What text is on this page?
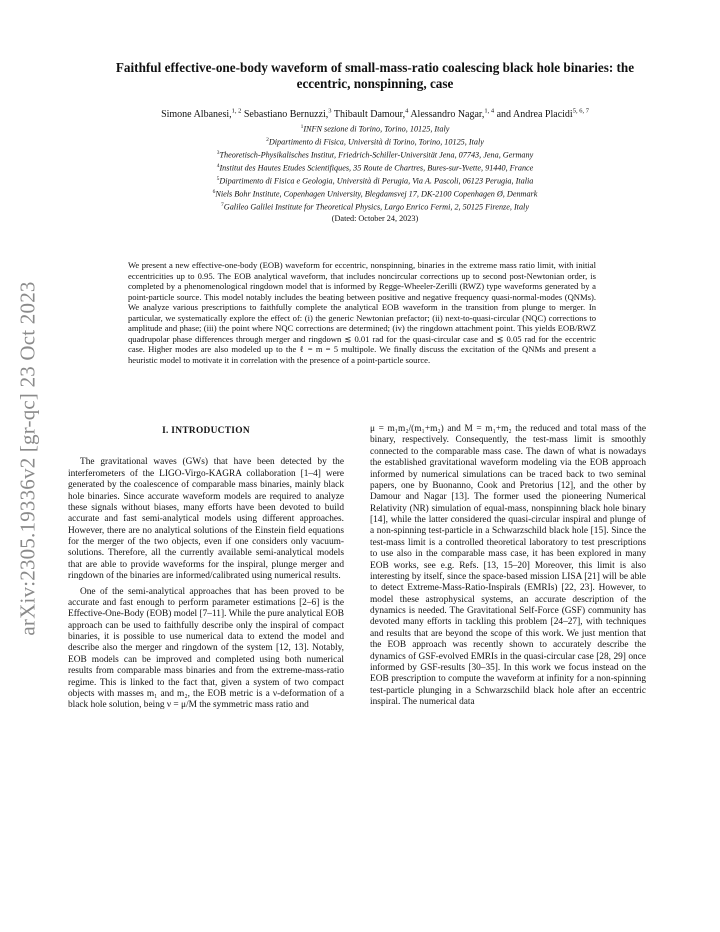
arXiv:2305.19336v2 [gr-qc] 23 Oct 2023
Faithful effective-one-body waveform of small-mass-ratio coalescing black hole binaries: the eccentric, nonspinning, case
Simone Albanesi,$^{1, 2}$ Sebastiano Bernuzzi,$^3$ Thibault Damour,$^4$ Alessandro Nagar,$^{1, 4}$ and Andrea Placidi$^{5, 6, 7}$
$^1$INFN sezione di Torino, Torino, 10125, Italy
$^2$Dipartimento di Fisica, Università di Torino, Torino, 10125, Italy
$^3$Theoretisch-Physikalisches Institut, Friedrich-Schiller-Universität Jena, 07743, Jena, Germany
$^4$Institut des Hautes Etudes Scientifiques, 35 Route de Chartres, Bures-sur-Yvette, 91440, France
$^5$Dipartimento di Fisica e Geologia, Università di Perugia, Via A. Pascoli, 06123 Perugia, Italia
$^6$Niels Bohr Institute, Copenhagen University, Blegdamsvej 17, DK-2100 Copenhagen Ø, Denmark
$^7$Galileo Galilei Institute for Theoretical Physics, Largo Enrico Fermi, 2, 50125 Firenze, Italy
(Dated: October 24, 2023)
We present a new effective-one-body (EOB) waveform for eccentric, nonspinning, binaries in the extreme mass ratio limit, with initial eccentricities up to 0.95. The EOB analytical waveform, that includes noncircular corrections up to second post-Newtonian order, is completed by a phenomenological ringdown model that is informed by Regge-Wheeler-Zerilli (RWZ) type waveforms generated by a point-particle source. This model notably includes the beating between positive and negative frequency quasi-normal-modes (QNMs). We analyze various prescriptions to faithfully complete the analytical EOB waveform in the transition from plunge to merger. In particular, we systematically explore the effect of: (i) the generic Newtonian prefactor; (ii) next-to-quasi-circular (NQC) corrections to amplitude and phase; (iii) the point where NQC corrections are determined; (iv) the ringdown attachment point. This yields EOB/RWZ quadrupolar phase differences through merger and ringdown ≲ 0.01 rad for the quasi-circular case and ≲ 0.05 rad for the eccentric case. Higher modes are also modeled up to the ℓ = m = 5 multipole. We finally discuss the excitation of the QNMs and present a heuristic model to motivate it in correlation with the presence of a point-particle source.
I. INTRODUCTION

The gravitational waves (GWs) that have been detected by the interferometers of the LIGO-Virgo-KAGRA collaboration [1–4] were generated by the coalescence of comparable mass binaries, mainly black hole binaries. Since accurate waveform models are required to analyze these signals without biases, many efforts have been devoted to build accurate and fast semi-analytical models using different approaches. However, there are no analytical solutions of the Einstein field equations for the merger of the two objects, even if one considers only vacuum-solutions. Therefore, all the currently available semi-analytical models that are able to provide waveforms for the inspiral, plunge merger and ringdown of the binaries are informed/calibrated using numerical results.

One of the semi-analytical approaches that has been proved to be accurate and fast enough to perform parameter estimations [2–6] is the Effective-One-Body (EOB) model [7–11]. While the pure analytical EOB approach can be used to faithfully describe only the inspiral of compact binaries, it is possible to use numerical data to extend the model and describe also the merger and ringdown of the system [12, 13]. Notably, EOB models can be improved and completed using both numerical results from comparable mass binaries and from the extreme-mass-ratio regime. This is linked to the fact that, given a system of two compact objects with masses m₁ and m₂, the EOB metric is a ν-deformation of a black hole solution, being ν = μ/M the symmetric mass ratio and

μ = m₁m₂/(m₁+m₂) and M = m₁+m₂ the reduced and total mass of the binary, respectively. Consequently, the test-mass limit is smoothly connected to the comparable mass case. The dawn of what is nowadays the established gravitational waveform modeling via the EOB approach informed by numerical simulations can be traced back to two seminal papers, one by Buonanno, Cook and Pretorius [12], and the other by Damour and Nagar [13]. The former used the pioneering Numerical Relativity (NR) simulation of equal-mass, nonspinning black hole binary [14], while the latter considered the quasi-circular inspiral and plunge of a non-spinning test-particle in a Schwarzschild black hole [15]. Since the test-mass limit is a controlled theoretical laboratory to test prescriptions to use also in the comparable mass case, it has been explored in many EOB works, see e.g. Refs. [13, 15–20] Moreover, this limit is also interesting by itself, since the space-based mission LISA [21] will be able to detect Extreme-Mass-Ratio-Inspirals (EMRIs) [22, 23]. However, to model these astrophysical systems, an accurate description of the dynamics is needed. The Gravitational Self-Force (GSF) community has devoted many efforts in tackling this problem [24–27], with techniques and results that are beyond the scope of this work. We just mention that the EOB approach was recently shown to accurately describe the dynamics of GSF-evolved EMRIs in the quasi-circular case [28, 29] once informed by GSF-results [30–35]. In this work we focus instead on the EOB prescription to compute the waveform at infinity for a non-spinning test-particle plunging in a Schwarzschild black hole after an eccentric inspiral. The numerical data
